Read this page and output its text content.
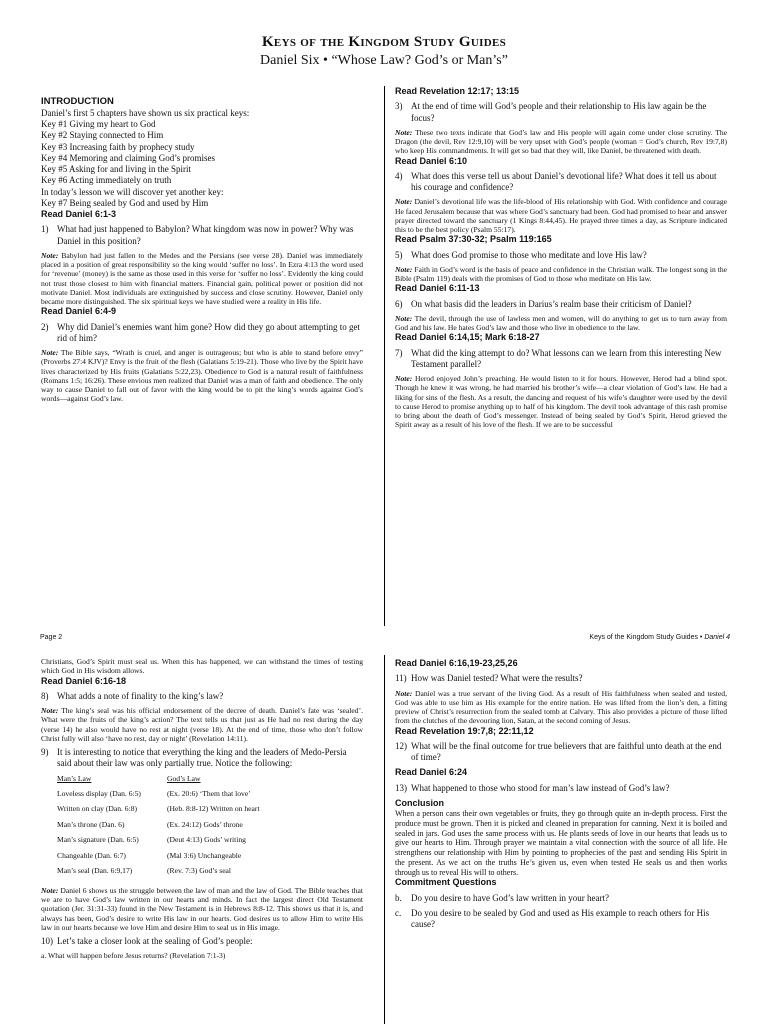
Keys of the Kingdom Study Guides

Daniel Six • “Whose Law? God’s or Man’s”

INTRODUCTION

Daniel’s first 5 chapters have shown us six practical keys:

Key #1 Giving my heart to God

Key #2 Staying connected to Him

Key #3 Increasing faith by prophecy study

Key #4 Memoring and claiming God’s promises

Key #5 Asking for and living in the Spirit

Key #6 Acting immediately on truth

In today’s lesson we will discover yet another key:

Key #7 Being sealed by God and used by Him

Read Daniel 6:1-3

1) What had just happened to Babylon? What kingdom was now in power? Why was Daniel in this position?

Note: Babylon had just fallen to the Medes and the Persians (see verse 28). Daniel was immediately placed in a position of great responsibility so the king would ‘suffer no loss’. In Ezra 4:13 the word used for ‘revenue’ (money) is the same as those used in this verse for ‘suffer no loss’. Evidently the king could not trust those closest to him with financial matters. Financial gain, political power or position did not motivate Daniel. Most individuals are extinguished by success and close scrutiny. However, Daniel only became more distinguished. The six spiritual keys we have studied were a reality in His life.

Read Daniel 6:4-9

2) Why did Daniel’s enemies want him gone? How did they go about attempting to get rid of him?

Note: The Bible says, “Wrath is cruel, and anger is outrageous; but who is able to stand before envy” (Proverbs 27:4 KJV)? Envy is the fruit of the flesh (Galatians 5:19-21). Those who live by the Spirit have lives characterized by His fruits (Galatians 5:22,23). Obedience to God is a natural result of faithfulness (Romans 1:5; 16:26). These envious men realized that Daniel was a man of faith and obedience. The only way to cause Daniel to fall out of favor with the king would be to pit the king’s words against God’s words—against God’s law.

Read Revelation 12:17; 13:15

3) At the end of time will God’s people and their relationship to His law again be the focus?

Note: These two texts indicate that God’s law and His people will again come under close scrutiny. The Dragon (the devil, Rev 12:9,10) will be very upset with God’s people (woman = God’s church, Rev 19:7,8) who keep His commandments. It will get so bad that they will, like Daniel, be threatened with death.

Read Daniel 6:10

4) What does this verse tell us about Daniel’s devotional life? What does it tell us about his courage and confidence?

Note: Daniel’s devotional life was the life-blood of His relationship with God. With confidence and courage He faced Jerusalem because that was where God’s sanctuary had been. God had promised to hear and answer prayer directed toward the sanctuary (1 Kings 8:44,45). He prayed three times a day, as Scripture indicated this to be the best policy (Psalm 55:17).

Read Psalm 37:30-32; Psalm 119:165

5) What does God promise to those who meditate and love His law?

Note: Faith in God’s word is the basis of peace and confidence in the Christian walk. The longest song in the Bible (Psalm 119) deals with the promises of God to those who meditate on His law.

Read Daniel 6:11-13

6) On what basis did the leaders in Darius’s realm base their criticism of Daniel?

Note: The devil, through the use of lawless men and women, will do anything to get us to turn away from God and his law. He hates God’s law and those who live in obedience to the law.

Read Daniel 6:14,15; Mark 6:18-27

7) What did the king attempt to do? What lessons can we learn from this interesting New Testament parallel?

Note: Herod enjoyed John’s preaching. He would listen to it for hours. However, Herod had a blind spot. Though he knew it was wrong, he had married his brother’s wife—a clear violation of God’s law. He had a liking for sins of the flesh. As a result, the dancing and request of his wife’s daughter were used by the devil to cause Herod to promise anything up to half of his kingdom. The devil took advantage of this rash promise to bring about the death of God’s messenger. Instead of being sealed by God’s Spirit, Herod grieved the Spirit away as a result of his love of the flesh. If we are to be successful

Page 2	Keys of the Kingdom Study Guides • Daniel 4

Christians, God’s Spirit must seal us. When this has happened, we can withstand the times of testing which God in His wisdom allows.

Read Daniel 6:16-18

8) What adds a note of finality to the king’s law?

Note: The king’s seal was his official endorsement of the decree of death. Daniel’s fate was ‘sealed’. What were the fruits of the king’s action? The text tells us that just as He had no rest during the day (verse 14) he also would have no rest at night (verse 18). At the end of time, those who don’t follow Christ fully will also ‘have no rest, day or night’ (Revelation 14:11).

9) It is interesting to notice that everything the king and the leaders of Medo-Persia said about their law was only partially true. Notice the following:
Man’s Law	God’s Law
Loveless display (Dan. 6:5)	(Ex. 20:6) ‘Them that love’
Written on clay (Dan. 6:8)	(Heb. 8:8-12) Written on heart
Man’s throne (Dan. 6)	(Ex. 24:12) Gods’ throne
Man’s signature (Dan. 6:5)	(Deut 4:13) Gods’ writing
Changeable (Dan. 6:7)	(Mal 3:6) Unchangeable
Man’s seal (Dan. 6:9,17)	(Rev. 7:3) God’s seal

Note: Daniel 6 shows us the struggle between the law of man and the law of God. The Bible teaches that we are to have God’s law written in our hearts and minds. In fact the largest direct Old Testament quotation (Jer. 31:31-33) found in the New Testament is in Hebrews 8:8-12. This shows us that it is, and always has been, God’s desire to write His law in our hearts. God desires us to allow Him to write His law in our hearts because we love Him and desire Him to seal us in His image.

10) Let’s take a closer look at the sealing of God’s people:

a. What will happen before Jesus returns? (Revelation 7:1-3)

Read Daniel 6:16,19-23,25,26

11) How was Daniel tested? What were the results?

Note: Daniel was a true servant of the living God. As a result of His faithfulness when sealed and tested, God was able to use him as His example for the entire nation. He was lifted from the lion’s den, a fitting preview of Christ’s resurrection from the sealed tomb at Calvary. This also provides a picture of those lifted from the clutches of the devouring lion, Satan, at the second coming of Jesus.

Read Revelation 19:7,8; 22:11,12

12) What will be the final outcome for true believers that are faithful unto death at the end of time?

Read Daniel 6:24

13) What happened to those who stood for man’s law instead of God’s law?

Conclusion

When a person cans their own vegetables or fruits, they go through quite an in-depth process. First the produce must be grown. Then it is picked and cleaned in preparation for canning. Next it is boiled and sealed in jars. God uses the same process with us. He plants seeds of love in our hearts that leads us to give our hearts to Him. Through prayer we maintain a vital connection with the source of all life. He strengthens our relationship with Him by pointing to prophecies of the past and sending His Spirit in the present. As we act on the truths He’s given us, even when tested He seals us and then works through us to reveal His will to others.

Commitment Questions

b.	Do you desire to have God’s law written in your heart?
c.	Do you desire to be sealed by God and used as His example to reach others for His cause?
